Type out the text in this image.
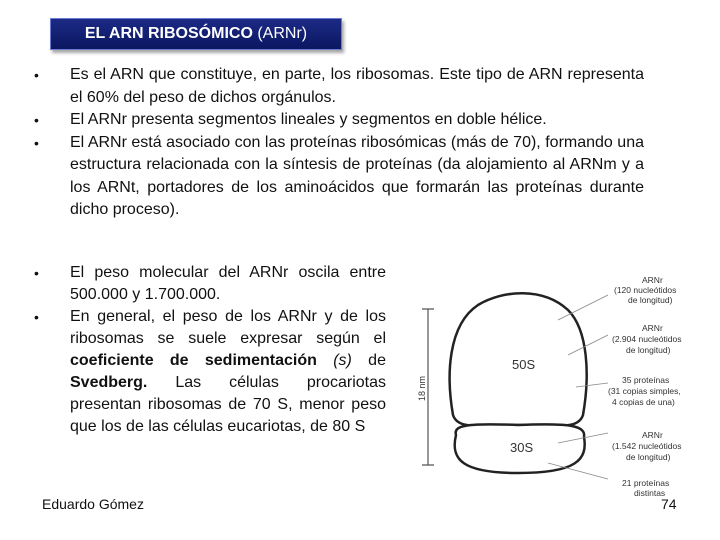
EL ARN RIBOSÓMICO (ARNr)
• Es el ARN que constituye, en parte, los ribosomas. Este tipo de ARN representa el 60% del peso de dichos orgánulos.
• El ARNr presenta segmentos lineales y segmentos en doble hélice.
• El ARNr está asociado con las proteínas ribosómicas (más de 70), formando una estructura relacionada con la síntesis de proteínas (da alojamiento al ARNm y a los ARNt, portadores de los aminoácidos que formarán las proteínas durante dicho proceso).
• El peso molecular del ARNr oscila entre 500.000 y 1.700.000.
• En general, el peso de los ARNr y de los ribosomas se suele expresar según el coeficiente de sedimentación (s) de Svedberg. Las células procariotas presentan ribosomas de 70 S, menor peso que los de las células eucariotas, de 80 S
18 nm
50S
30S
ARNr
(120 nucleótidos
de longitud)
ARNr
(2.904 nucleótidos
de longitud)
35 proteínas
(31 copias simples,
4 copias de una)
ARNr
(1.542 nucleótidos
de longitud)
21 proteínas
distintas
Eduardo Gómez	74
